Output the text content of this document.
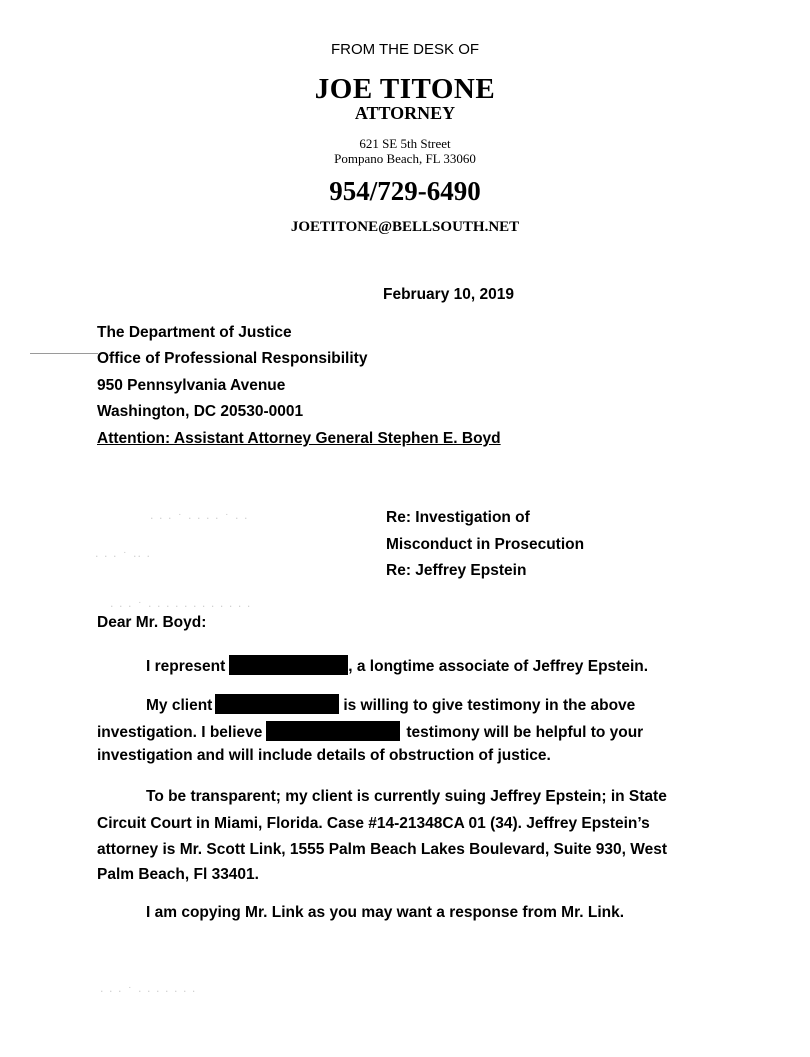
· · · ˙ · · · · ˙ · ·
· · · ˙ ·· ·
· · · ˙ · · · · · · · · · · · ·
· · · ˙ · · · · · · ·
FROM THE DESK OF
JOE TITONE
ATTORNEY
621 SE 5th Street
Pompano Beach, FL 33060
954/729-6490
JOETITONE@BELLSOUTH.NET
February 10, 2019
The Department of Justice
Office of Professional Responsibility
950 Pennsylvania Avenue
Washington, DC 20530-0001
Attention: Assistant Attorney General Stephen E. Boyd
Re: Investigation of
Misconduct in Prosecution
Re: Jeffrey Epstein
Dear Mr. Boyd:
I represent	, a longtime associate of Jeffrey Epstein.
My client	is willing to give testimony in the above
investigation. I believe	testimony will be helpful to your
investigation and will include details of obstruction of justice.
To be transparent; my client is currently suing Jeffrey Epstein; in State
Circuit Court in Miami, Florida. Case #14-21348CA 01 (34). Jeffrey Epstein’s
attorney is Mr. Scott Link, 1555 Palm Beach Lakes Boulevard, Suite 930, West
Palm Beach, Fl 33401.
I am copying Mr. Link as you may want a response from Mr. Link.
